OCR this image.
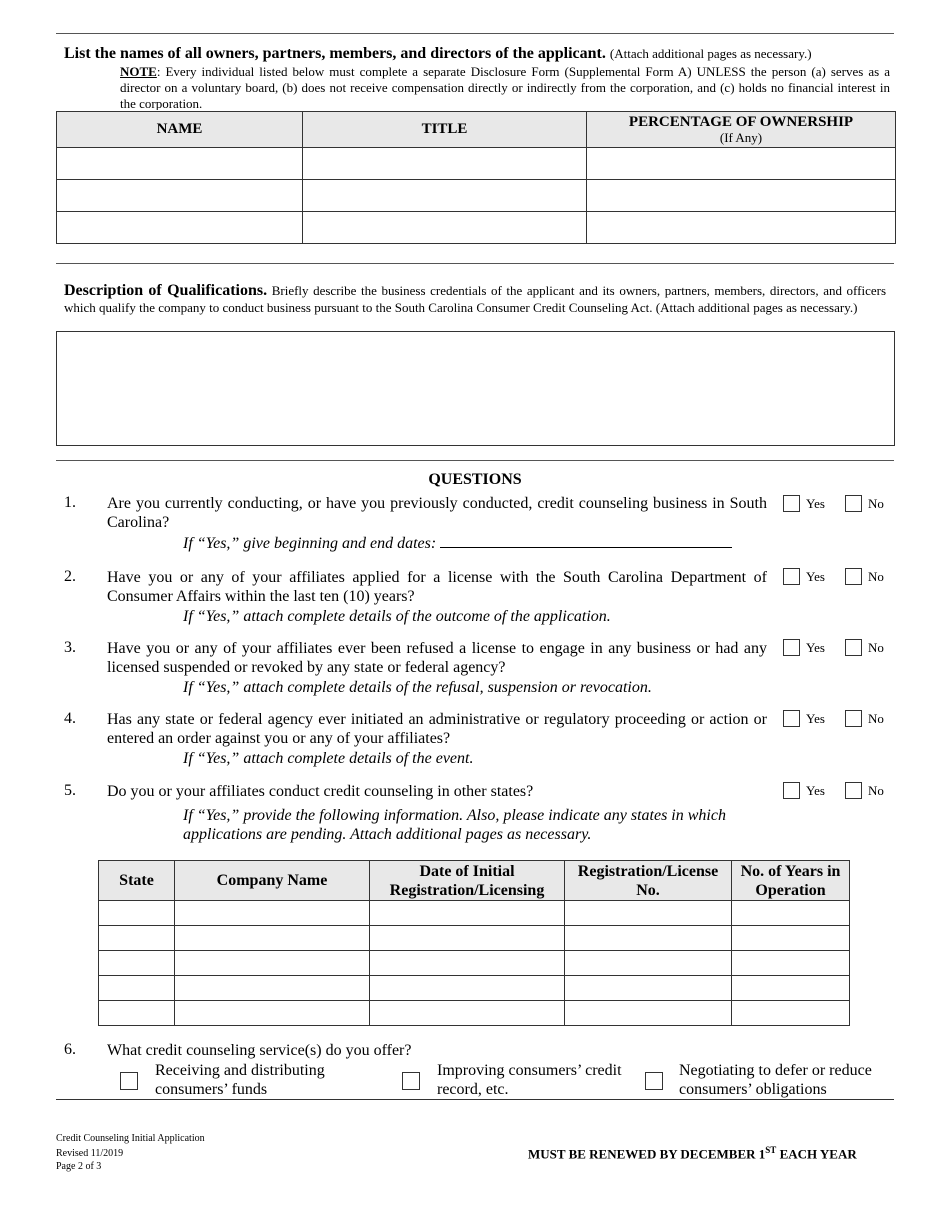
List the names of all owners, partners, members, and directors of the applicant. (Attach additional pages as necessary.)
NOTE: Every individual listed below must complete a separate Disclosure Form (Supplemental Form A) UNLESS the person (a) serves as a director on a voluntary board, (b) does not receive compensation directly or indirectly from the corporation, and (c) holds no financial interest in the corporation.
NAME	TITLE	PERCENTAGE OF OWNERSHIP
(If Any)

Description of Qualifications. Briefly describe the business credentials of the applicant and its owners, partners, members, directors, and officers which qualify the company to conduct business pursuant to the South Carolina Consumer Credit Counseling Act. (Attach additional pages as necessary.)
QUESTIONS
1. Are you currently conducting, or have you previously conducted, credit counseling business in South Carolina?
If “Yes,” give beginning and end dates:
Yes	No
2. Have you or any of your affiliates applied for a license with the South Carolina Department of Consumer Affairs within the last ten (10) years?
If “Yes,” attach complete details of the outcome of the application.
Yes	No
3. Have you or any of your affiliates ever been refused a license to engage in any business or had any licensed suspended or revoked by any state or federal agency?
If “Yes,” attach complete details of the refusal, suspension or revocation.
Yes	No
4. Has any state or federal agency ever initiated an administrative or regulatory proceeding or action or entered an order against you or any of your affiliates?
If “Yes,” attach complete details of the event.
Yes	No
5. Do you or your affiliates conduct credit counseling in other states?
If “Yes,” provide the following information. Also, please indicate any states in which applications are pending. Attach additional pages as necessary.
Yes	No
State	Company Name	Date of Initial Registration/Licensing	Registration/License No.	No. of Years in Operation

6. What credit counseling service(s) do you offer?
Receiving and distributing consumers’ funds
Improving consumers’ credit record, etc.
Negotiating to defer or reduce consumers’ obligations
Credit Counseling Initial Application
Revised 11/2019
Page 2 of 3
MUST BE RENEWED BY DECEMBER 1ST EACH YEAR
